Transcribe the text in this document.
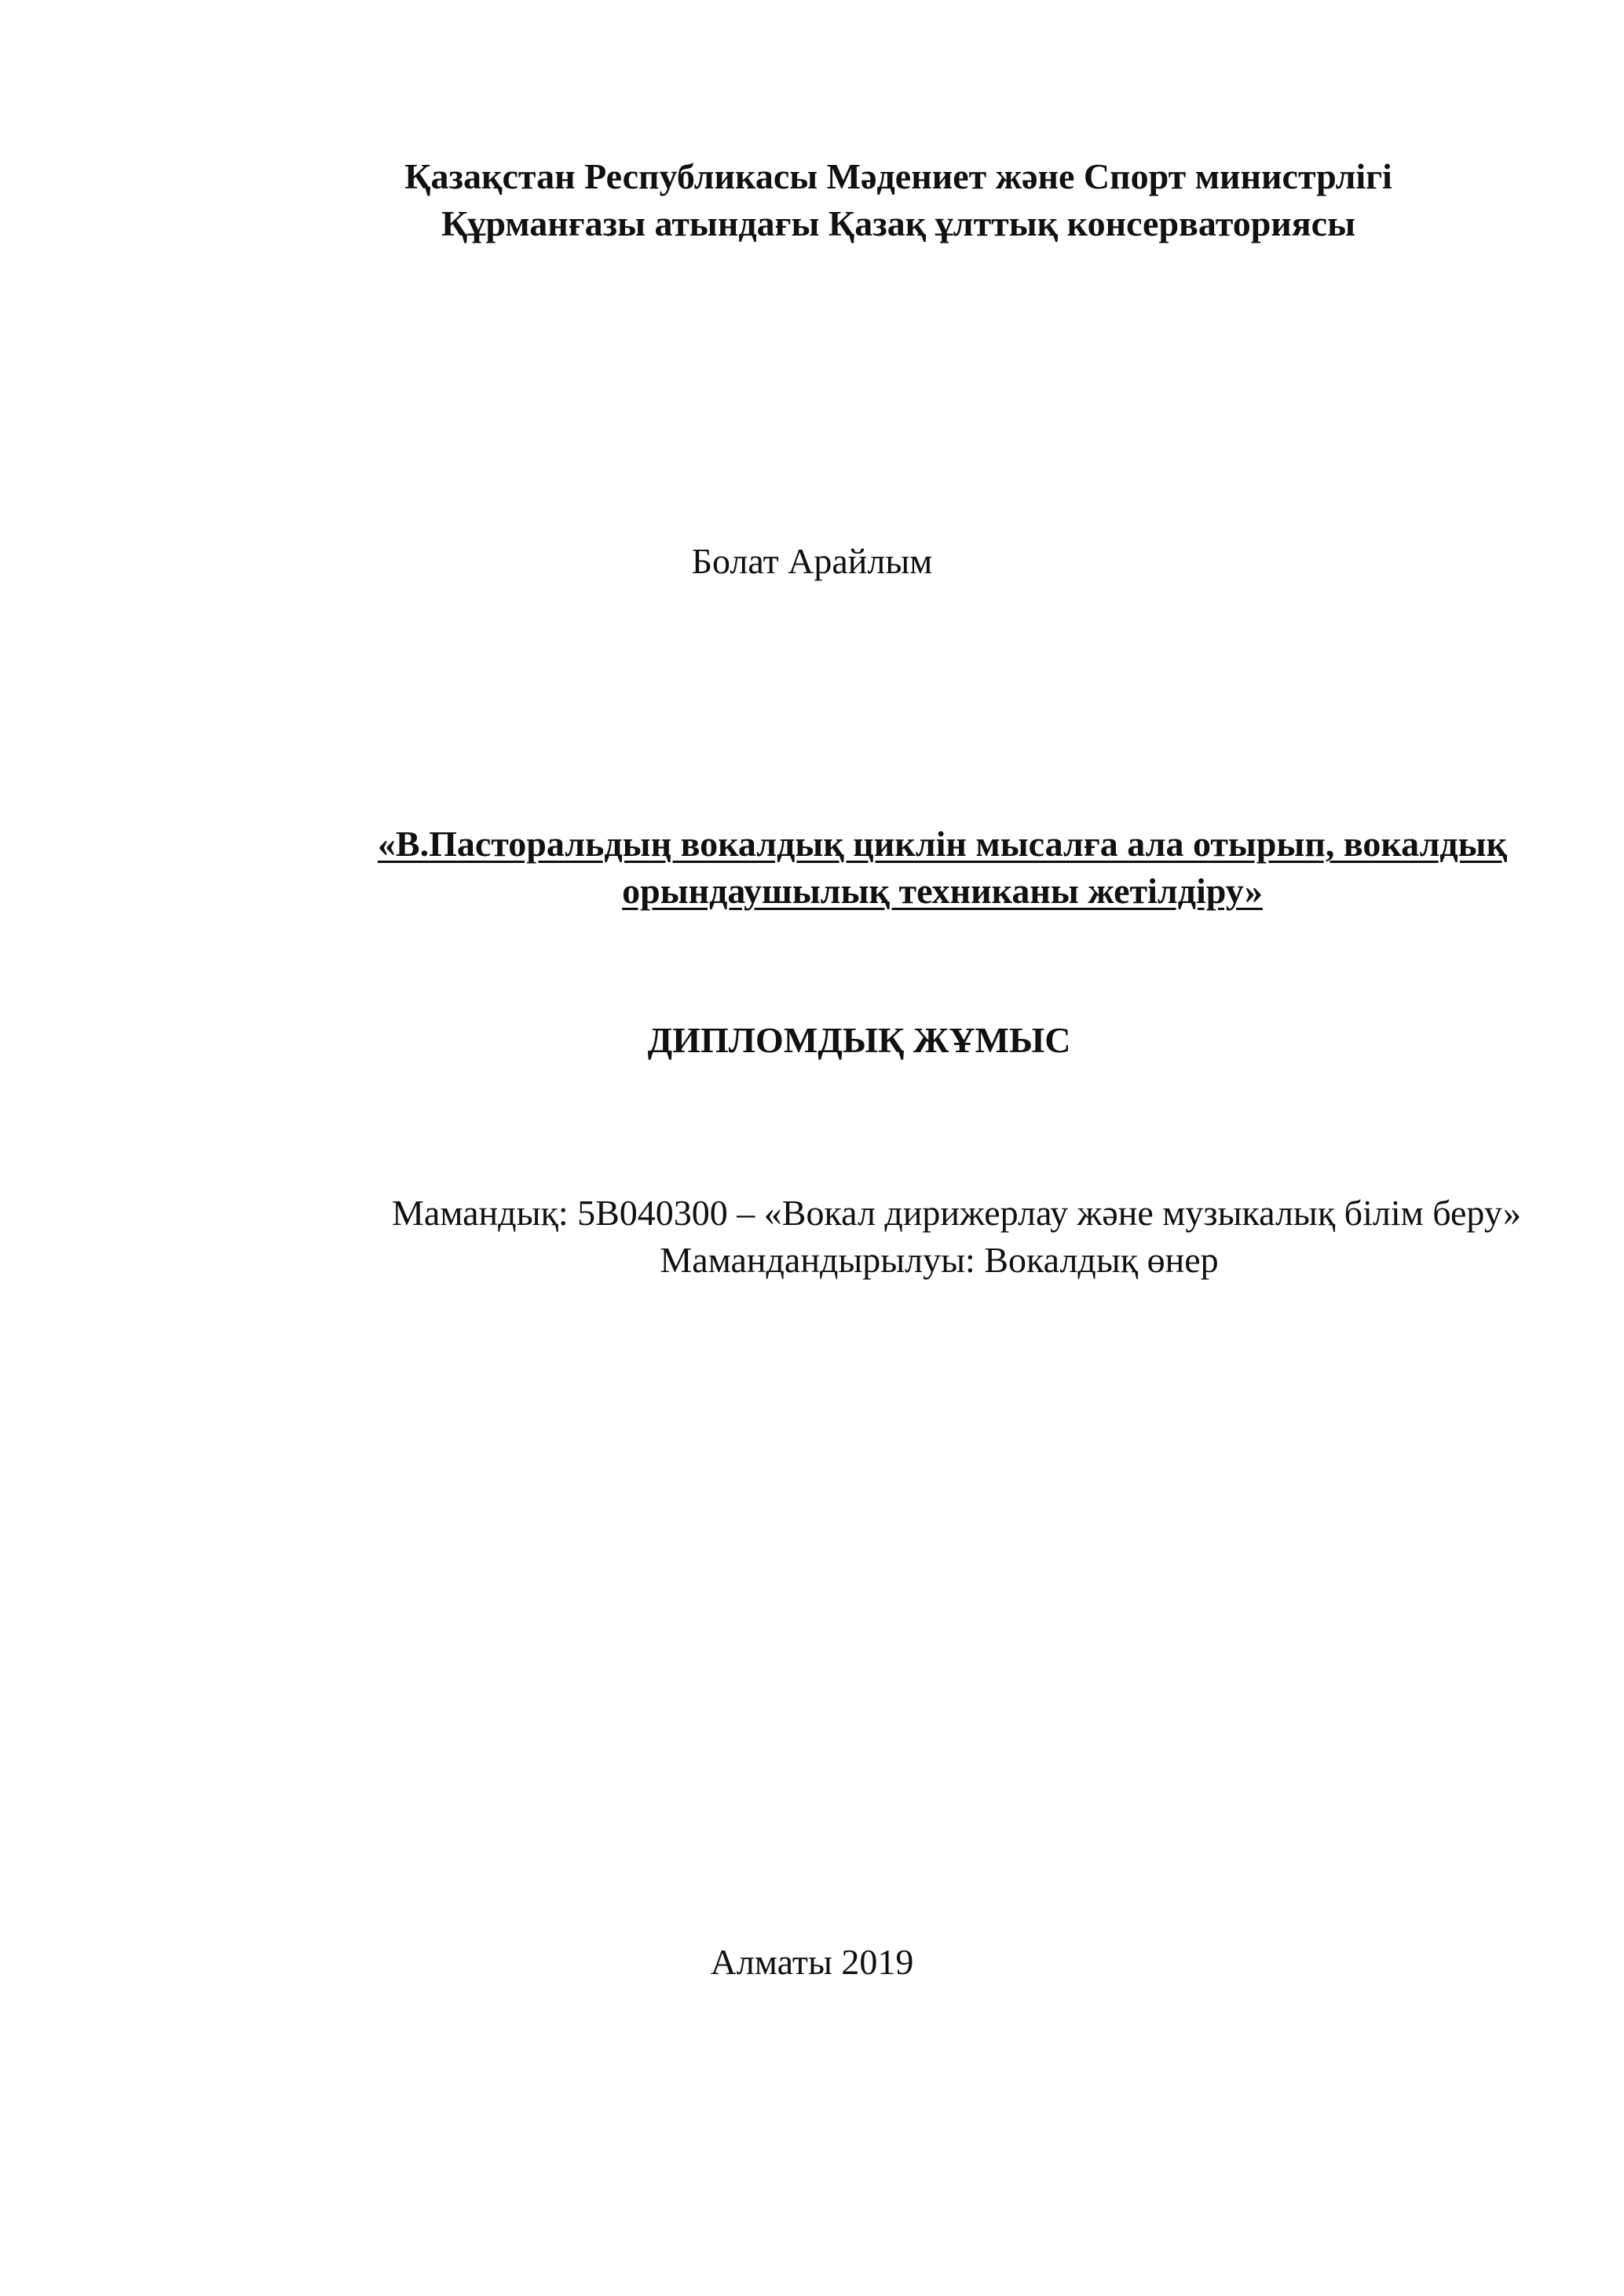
Қазақстан Республикасы Мәдениет және Спорт министрлігі
Құрманғазы атындағы Қазақ ұлттық консерваториясы
Болат Арайлым
«В.Пасторальдың вокалдық циклін мысалға ала отырып, вокалдық
орындаушылық техниканы жетілдіру»
ДИПЛОМДЫҚ ЖҰМЫС
Мамандық: 5В040300 – «Вокал дирижерлау және музыкалық білім беру»
Мамандандырылуы: Вокалдық өнер
Алматы 2019
